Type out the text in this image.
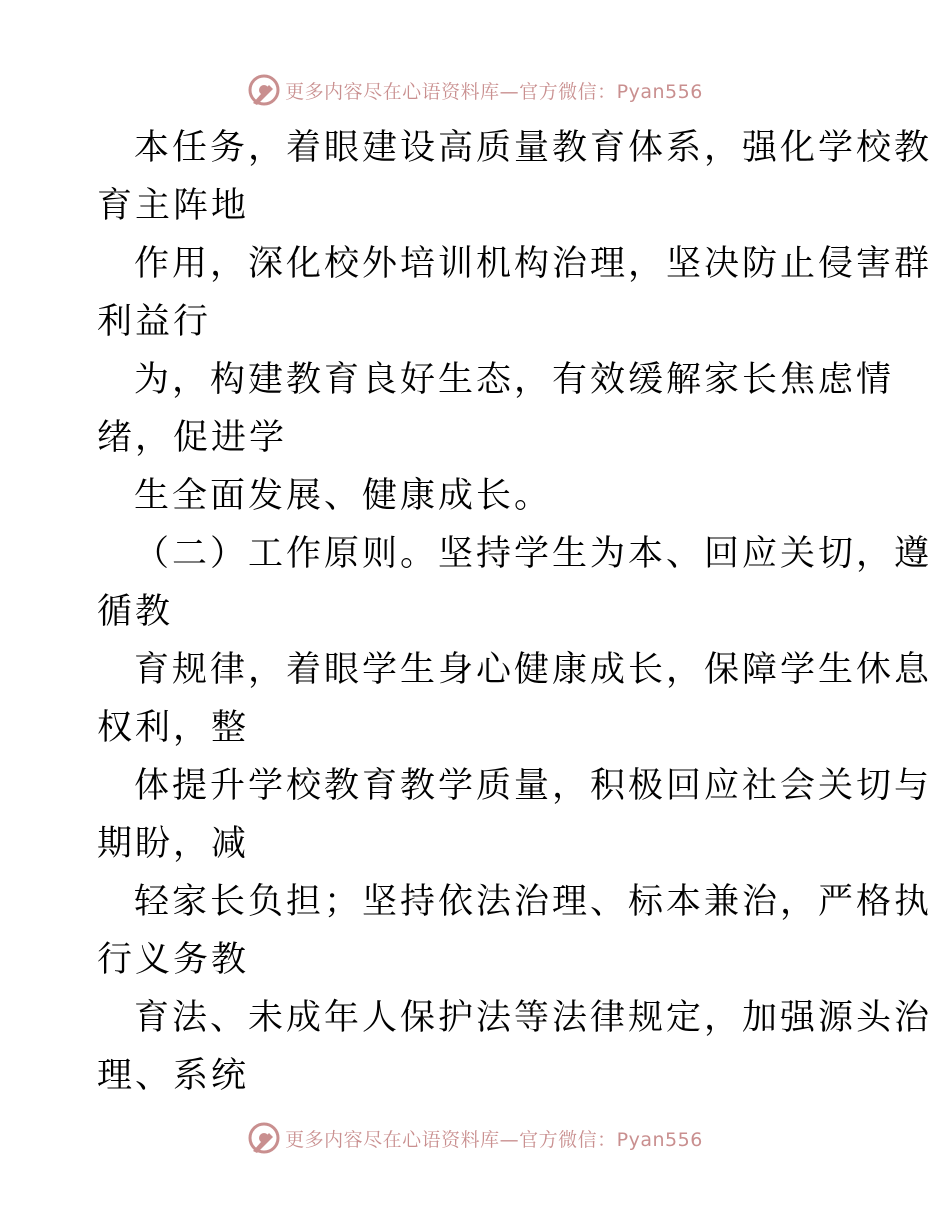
更多内容尽在心语资料库—官方微信：Pyan556

本任务，着眼建设高质量教育体系，强化学校教
育主阵地

作用，深化校外培训机构治理，坚决防止侵害群
利益行

为，构建教育良好生态，有效缓解家长焦虑情
绪，促进学

生全面发展、健康成长。

（二）工作原则。坚持学生为本、回应关切，遵
循教

育规律，着眼学生身心健康成长，保障学生休息
权利，整

体提升学校教育教学质量，积极回应社会关切与
期盼，减

轻家长负担；坚持依法治理、标本兼治，严格执
行义务教

育法、未成年人保护法等法律规定，加强源头治
理、系统

更多内容尽在心语资料库—官方微信：Pyan556
